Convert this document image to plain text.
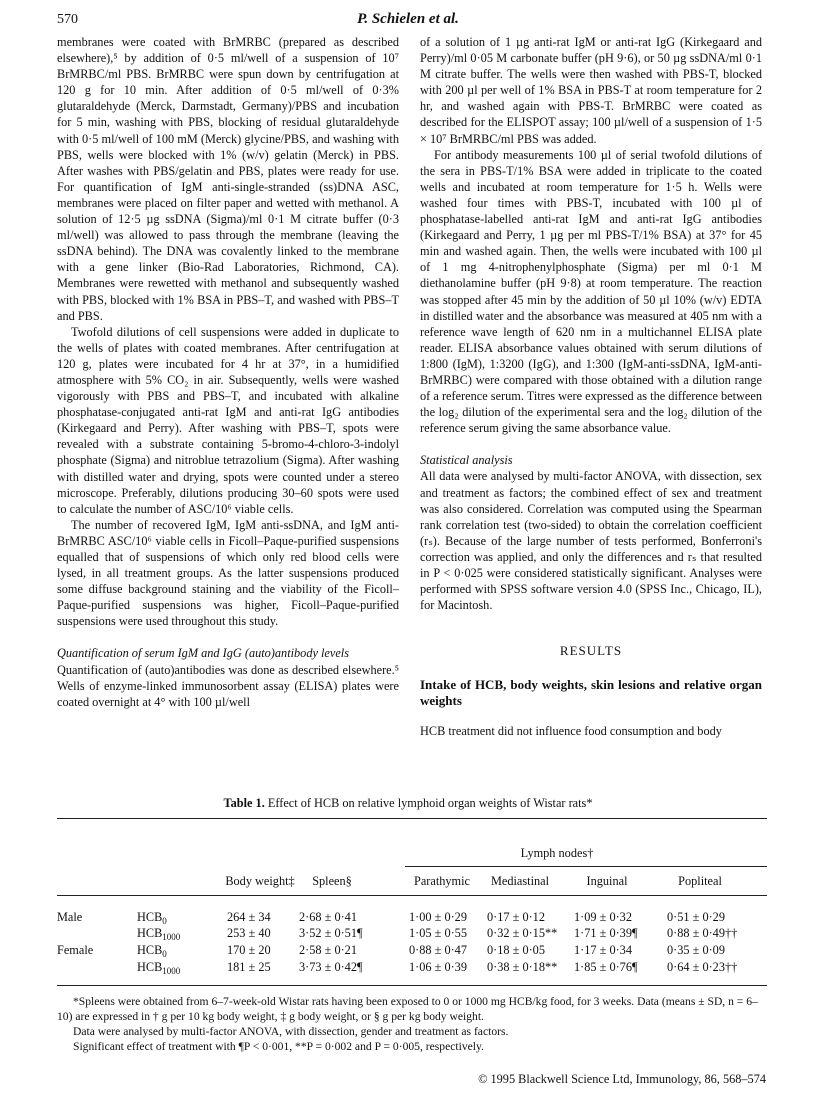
570	P. Schielen et al.

membranes were coated with BrMRBC (prepared as described elsewhere),⁵ by addition of 0·5 ml/well of a suspension of 10⁷ BrMRBC/ml PBS. BrMRBC were spun down by centrifugation at 120 g for 10 min. After addition of 0·5 ml/well of 0·3% glutaraldehyde (Merck, Darmstadt, Germany)/PBS and incubation for 5 min, washing with PBS, blocking of residual glutaraldehyde with 0·5 ml/well of 100 mM (Merck) glycine/PBS, and washing with PBS, wells were blocked with 1% (w/v) gelatin (Merck) in PBS. After washes with PBS/gelatin and PBS, plates were ready for use. For quantification of IgM anti-single-stranded (ss)DNA ASC, membranes were placed on filter paper and wetted with methanol. A solution of 12·5 µg ssDNA (Sigma)/ml 0·1 M citrate buffer (0·3 ml/well) was allowed to pass through the membrane (leaving the ssDNA behind). The DNA was covalently linked to the membrane with a gene linker (Bio-Rad Laboratories, Richmond, CA). Membranes were rewetted with methanol and subsequently washed with PBS, blocked with 1% BSA in PBS–T, and washed with PBS–T and PBS.

Twofold dilutions of cell suspensions were added in duplicate to the wells of plates with coated membranes. After centrifugation at 120 g, plates were incubated for 4 hr at 37°, in a humidified atmosphere with 5% CO₂ in air. Subsequently, wells were washed vigorously with PBS and PBS–T, and incubated with alkaline phosphatase-conjugated anti-rat IgM and anti-rat IgG antibodies (Kirkegaard and Perry). After washing with PBS–T, spots were revealed with a substrate containing 5-bromo-4-chloro-3-indolyl phosphate (Sigma) and nitroblue tetrazolium (Sigma). After washing with distilled water and drying, spots were counted under a stereo microscope. Preferably, dilutions producing 30–60 spots were used to calculate the number of ASC/10⁶ viable cells.

The number of recovered IgM, IgM anti-ssDNA, and IgM anti-BrMRBC ASC/10⁶ viable cells in Ficoll–Paque-purified suspensions equalled that of suspensions of which only red blood cells were lysed, in all treatment groups. As the latter suspensions produced some diffuse background staining and the viability of the Ficoll–Paque-purified suspensions was higher, Ficoll–Paque-purified suspensions were used throughout this study.

Quantification of serum IgM and IgG (auto)antibody levels

Quantification of (auto)antibodies was done as described elsewhere.⁵ Wells of enzyme-linked immunosorbent assay (ELISA) plates were coated overnight at 4° with 100 µl/well

of a solution of 1 µg anti-rat IgM or anti-rat IgG (Kirkegaard and Perry)/ml 0·05 M carbonate buffer (pH 9·6), or 50 µg ssDNA/ml 0·1 M citrate buffer. The wells were then washed with PBS-T, blocked with 200 µl per well of 1% BSA in PBS-T at room temperature for 2 hr, and washed again with PBS-T. BrMRBC were coated as described for the ELISPOT assay; 100 µl/well of a suspension of 1·5 × 10⁷ BrMRBC/ml PBS was added.

For antibody measurements 100 µl of serial twofold dilutions of the sera in PBS-T/1% BSA were added in triplicate to the coated wells and incubated at room temperature for 1·5 h. Wells were washed four times with PBS-T, incubated with 100 µl of phosphatase-labelled anti-rat IgM and anti-rat IgG antibodies (Kirkegaard and Perry, 1 µg per ml PBS-T/1% BSA) at 37° for 45 min and washed again. Then, the wells were incubated with 100 µl of 1 mg 4-nitrophenylphosphate (Sigma) per ml 0·1 M diethanolamine buffer (pH 9·8) at room temperature. The reaction was stopped after 45 min by the addition of 50 µl 10% (w/v) EDTA in distilled water and the absorbance was measured at 405 nm with a reference wave length of 620 nm in a multichannel ELISA plate reader. ELISA absorbance values obtained with serum dilutions of 1:800 (IgM), 1:3200 (IgG), and 1:300 (IgM-anti-ssDNA, IgM-anti-BrMRBC) were compared with those obtained with a dilution range of a reference serum. Titres were expressed as the difference between the log₂ dilution of the experimental sera and the log₂ dilution of the reference serum giving the same absorbance value.

Statistical analysis

All data were analysed by multi-factor ANOVA, with dissection, sex and treatment as factors; the combined effect of sex and treatment was also considered. Correlation was computed using the Spearman rank correlation test (two-sided) to obtain the correlation coefficient (rₛ). Because of the large number of tests performed, Bonferroni's correction was applied, and only the differences and rₛ that resulted in P < 0·025 were considered statistically significant. Analyses were performed with SPSS software version 4.0 (SPSS Inc., Chicago, IL), for Macintosh.

RESULTS
Intake of HCB, body weights, skin lesions and relative organ weights

HCB treatment did not influence food consumption and body

Table 1. Effect of HCB on relative lymphoid organ weights of Wistar rats*
Lymph nodes†
Body weight‡ Spleen§	Parathymic Mediastinal	Inguinal	Popliteal
Male	$HCB_0$	264 ± 34 2·68 ± 0·41	1·00 ± 0·29 0·17 ± 0·12 1·09 ± 0·32	0·51 ± 0·29
$HCB_{1000}$	253 ± 40 3·52 ± 0·51¶	1·05 ± 0·55 0·32 ± 0·15** 1·71 ± 0·39¶ 0·88 ± 0·49††
Female	$HCB_0$	170 ± 20 2·58 ± 0·21	0·88 ± 0·47 0·18 ± 0·05 1·17 ± 0·34	0·35 ± 0·09
$HCB_{1000}$	181 ± 25 3·73 ± 0·42¶	1·06 ± 0·39 0·38 ± 0·18** 1·85 ± 0·76¶ 0·64 ± 0·23††

*Spleens were obtained from 6–7-week-old Wistar rats having been exposed to 0 or 1000 mg HCB/kg food, for 3 weeks. Data (means ± SD, n = 6–10) are expressed in † g per 10 kg body weight, ‡ g body weight, or § g per kg body weight.

Data were analysed by multi-factor ANOVA, with dissection, gender and treatment as factors.

Significant effect of treatment with ¶P < 0·001, **P = 0·002 and P = 0·005, respectively.

© 1995 Blackwell Science Ltd, Immunology, 86, 568–574
